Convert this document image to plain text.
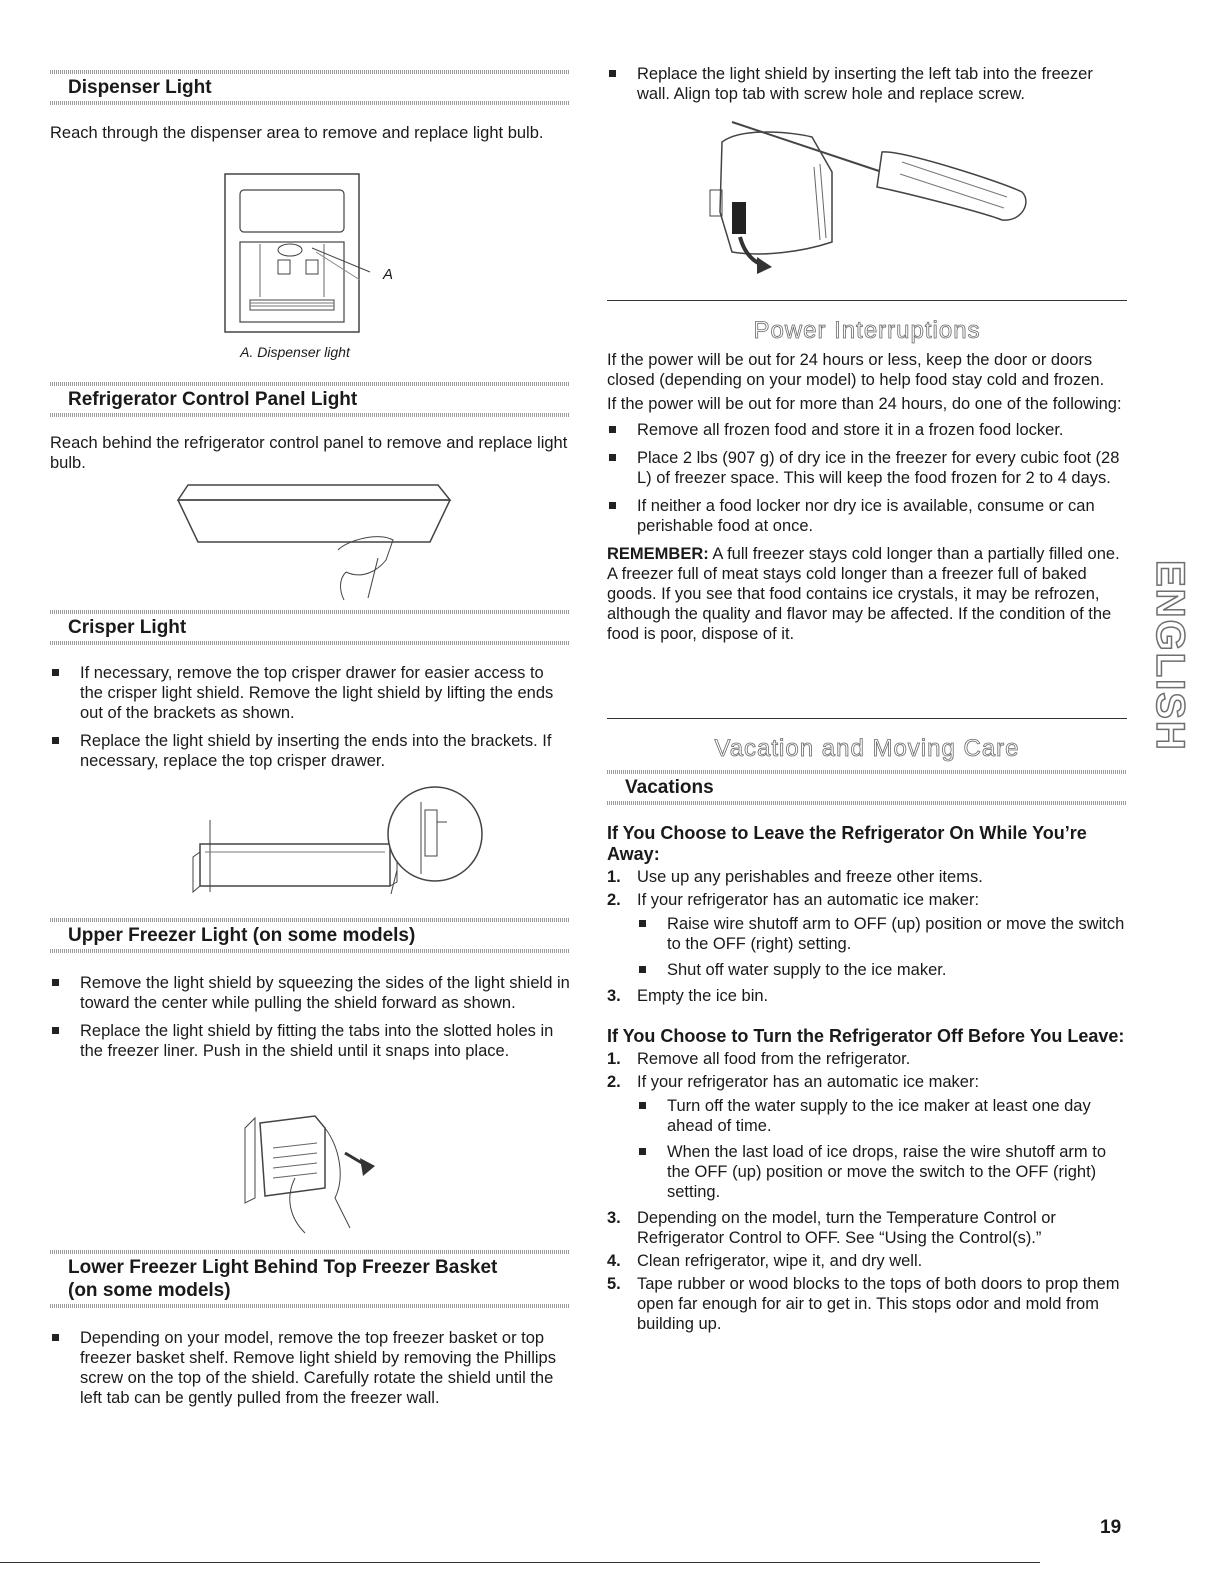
Dispenser Light

Reach through the dispenser area to remove and replace light bulb.

A
A. Dispenser light
Refrigerator Control Panel Light

Reach behind the refrigerator control panel to remove and replace light bulb.

Crisper Light
If necessary, remove the top crisper drawer for easier access to the crisper light shield. Remove the light shield by lifting the ends out of the brackets as shown.
Replace the light shield by inserting the ends into the brackets. If necessary, replace the top crisper drawer.
Upper Freezer Light (on some models)
Remove the light shield by squeezing the sides of the light shield in toward the center while pulling the shield forward as shown.
Replace the light shield by fitting the tabs into the slotted holes in the freezer liner. Push in the shield until it snaps into place.
Lower Freezer Light Behind Top Freezer Basket
(on some models)
Depending on your model, remove the top freezer basket or top freezer basket shelf. Remove light shield by removing the Phillips screw on the top of the shield. Carefully rotate the shield until the left tab can be gently pulled from the freezer wall.
Replace the light shield by inserting the left tab into the freezer wall. Align top tab with screw hole and replace screw.
Power Interruptions

If the power will be out for 24 hours or less, keep the door or doors closed (depending on your model) to help food stay cold and frozen.

If the power will be out for more than 24 hours, do one of the following:

Remove all frozen food and store it in a frozen food locker.
Place 2 lbs (907 g) of dry ice in the freezer for every cubic foot (28 L) of freezer space. This will keep the food frozen for 2 to 4 days.
If neither a food locker nor dry ice is available, consume or can perishable food at once.

REMEMBER: A full freezer stays cold longer than a partially filled one. A freezer full of meat stays cold longer than a freezer full of baked goods. If you see that food contains ice crystals, it may be refrozen, although the quality and flavor may be affected. If the condition of the food is poor, dispose of it.

Vacation and Moving Care
Vacations
If You Choose to Leave the Refrigerator On While You’re Away:
1. Use up any perishables and freeze other items.
2. If your refrigerator has an automatic ice maker:
Raise wire shutoff arm to OFF (up) position or move the switch to the OFF (right) setting.
Shut off water supply to the ice maker.
3. Empty the ice bin.
If You Choose to Turn the Refrigerator Off Before You Leave:
1. Remove all food from the refrigerator.
2. If your refrigerator has an automatic ice maker:
Turn off the water supply to the ice maker at least one day ahead of time.
When the last load of ice drops, raise the wire shutoff arm to the OFF (up) position or move the switch to the OFF (right) setting.
3. Depending on the model, turn the Temperature Control or Refrigerator Control to OFF. See “Using the Control(s).”
4. Clean refrigerator, wipe it, and dry well.
5. Tape rubber or wood blocks to the tops of both doors to prop them open far enough for air to get in. This stops odor and mold from building up.
ENGLISH
19
